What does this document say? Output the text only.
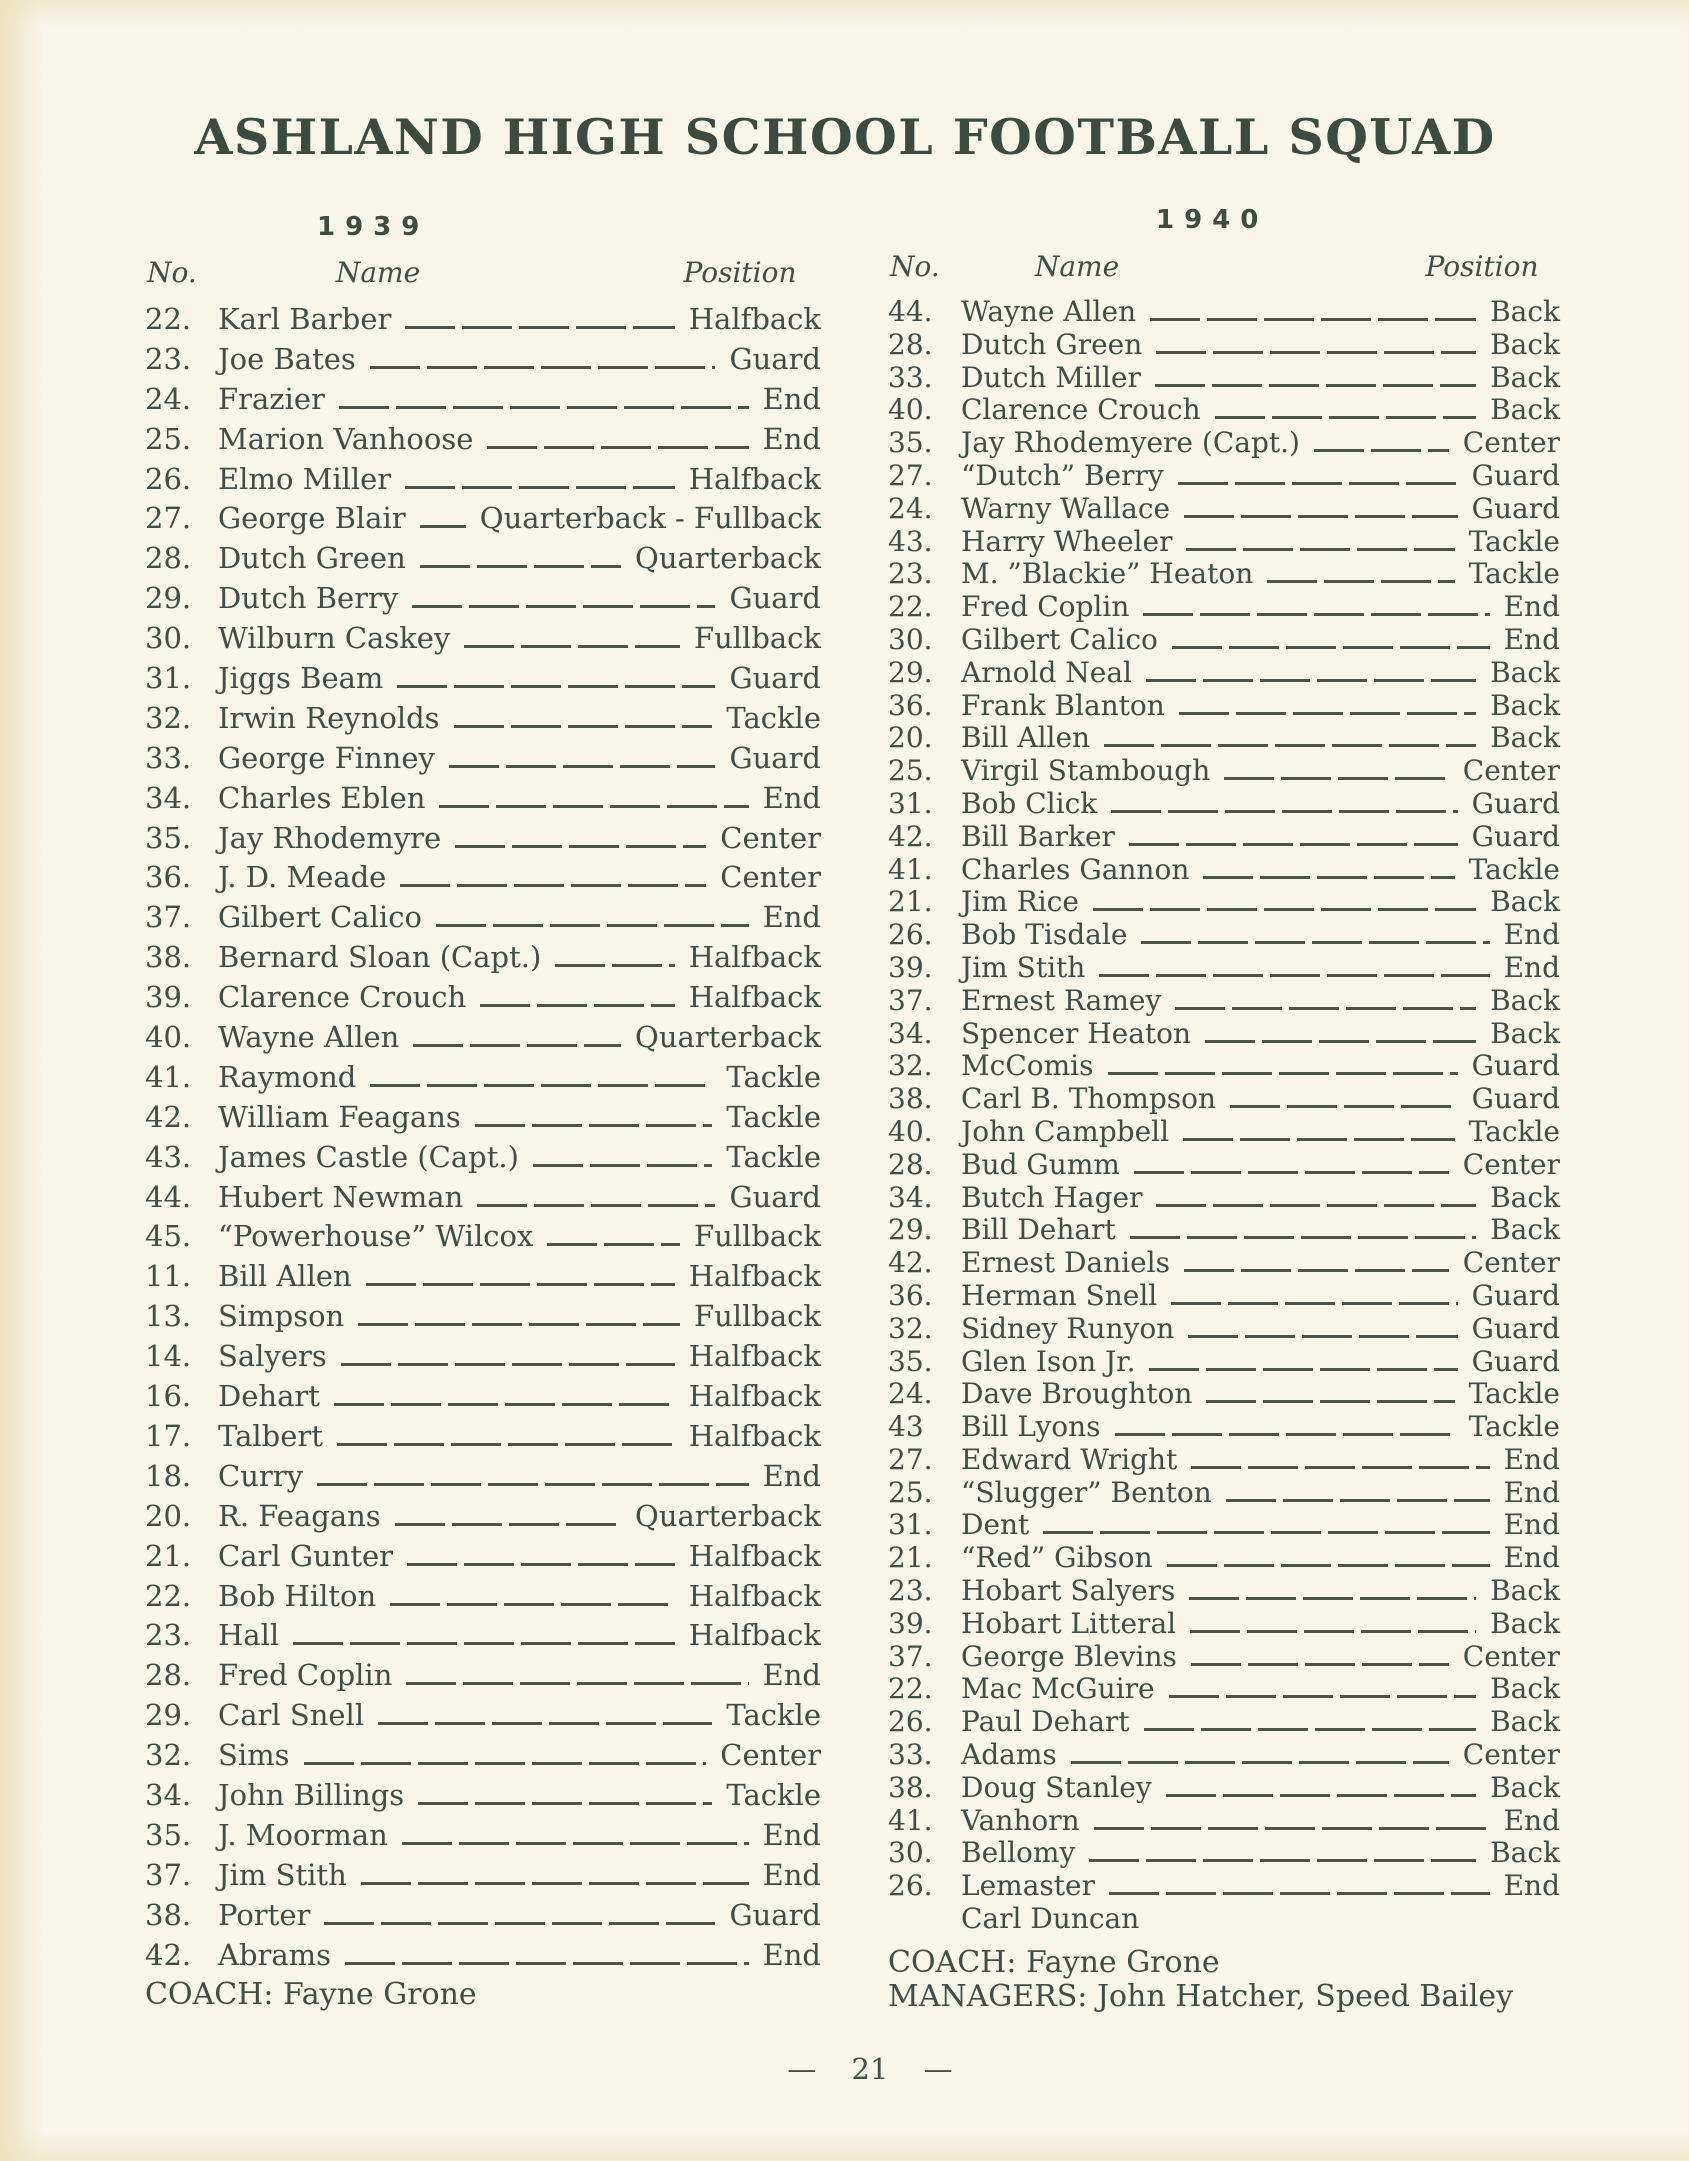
ASHLAND HIGH SCHOOL FOOTBALL SQUAD
1939
No.	Name	Position
22. Karl Barber	Halfback
23. Joe Bates	Guard
24. Frazier	End
25. Marion Vanhoose	End
26. Elmo Miller	Halfback
27. George Blair	Quarterback - Fullback
28. Dutch Green	Quarterback
29. Dutch Berry	Guard
30. Wilburn Caskey	Fullback
31. Jiggs Beam	Guard
32. Irwin Reynolds	Tackle
33. George Finney	Guard
34. Charles Eblen	End
35. Jay Rhodemyre	Center
36. J. D. Meade	Center
37. Gilbert Calico	End
38. Bernard Sloan (Capt.)	Halfback
39. Clarence Crouch	Halfback
40. Wayne Allen	Quarterback
41. Raymond	Tackle
42. William Feagans	Tackle
43. James Castle (Capt.)	Tackle
44. Hubert Newman	Guard
45. “Powerhouse” Wilcox	Fullback
11. Bill Allen	Halfback
13. Simpson	Fullback
14. Salyers	Halfback
16. Dehart	Halfback
17. Talbert	Halfback
18. Curry	End
20. R. Feagans	Quarterback
21. Carl Gunter	Halfback
22. Bob Hilton	Halfback
23. Hall	Halfback
28. Fred Coplin	End
29. Carl Snell	Tackle
32. Sims	Center
34. John Billings	Tackle
35. J. Moorman	End
37. Jim Stith	End
38. Porter	Guard
42. Abrams	End
COACH: Fayne Grone
1940
No.	Name	Position
44.	Wayne Allen	Back
28.	Dutch Green	Back
33.	Dutch Miller	Back
40.	Clarence Crouch	Back
35.	Jay Rhodemyere (Capt.)	Center
27.	“Dutch” Berry	Guard
24.	Warny Wallace	Guard
43.	Harry Wheeler	Tackle
23.	M. ”Blackie” Heaton	Tackle
22.	Fred Coplin	End
30.	Gilbert Calico	End
29.	Arnold Neal	Back
36.	Frank Blanton	Back
20.	Bill Allen	Back
25.	Virgil Stambough	Center
31.	Bob Click	Guard
42.	Bill Barker	Guard
41.	Charles Gannon	Tackle
21.	Jim Rice	Back
26.	Bob Tisdale	End
39.	Jim Stith	End
37.	Ernest Ramey	Back
34.	Spencer Heaton	Back
32.	McComis	Guard
38.	Carl B. Thompson	Guard
40.	John Campbell	Tackle
28.	Bud Gumm	Center
34.	Butch Hager	Back
29.	Bill Dehart	Back
42.	Ernest Daniels	Center
36.	Herman Snell	Guard
32.	Sidney Runyon	Guard
35.	Glen Ison Jr.	Guard
24.	Dave Broughton	Tackle
43	Bill Lyons	Tackle
27.	Edward Wright	End
25.	“Slugger” Benton	End
31.	Dent	End
21.	“Red” Gibson	End
23.	Hobart Salyers	Back
39.	Hobart Litteral	Back
37.	George Blevins	Center
22.	Mac McGuire	Back
26.	Paul Dehart	Back
33.	Adams	Center
38.	Doug Stanley	Back
41.	Vanhorn	End
30.	Bellomy	Back
26.	Lemaster	End
Carl Duncan
COACH: Fayne Grone
MANAGERS: John Hatcher, Speed Bailey
— 21 —
